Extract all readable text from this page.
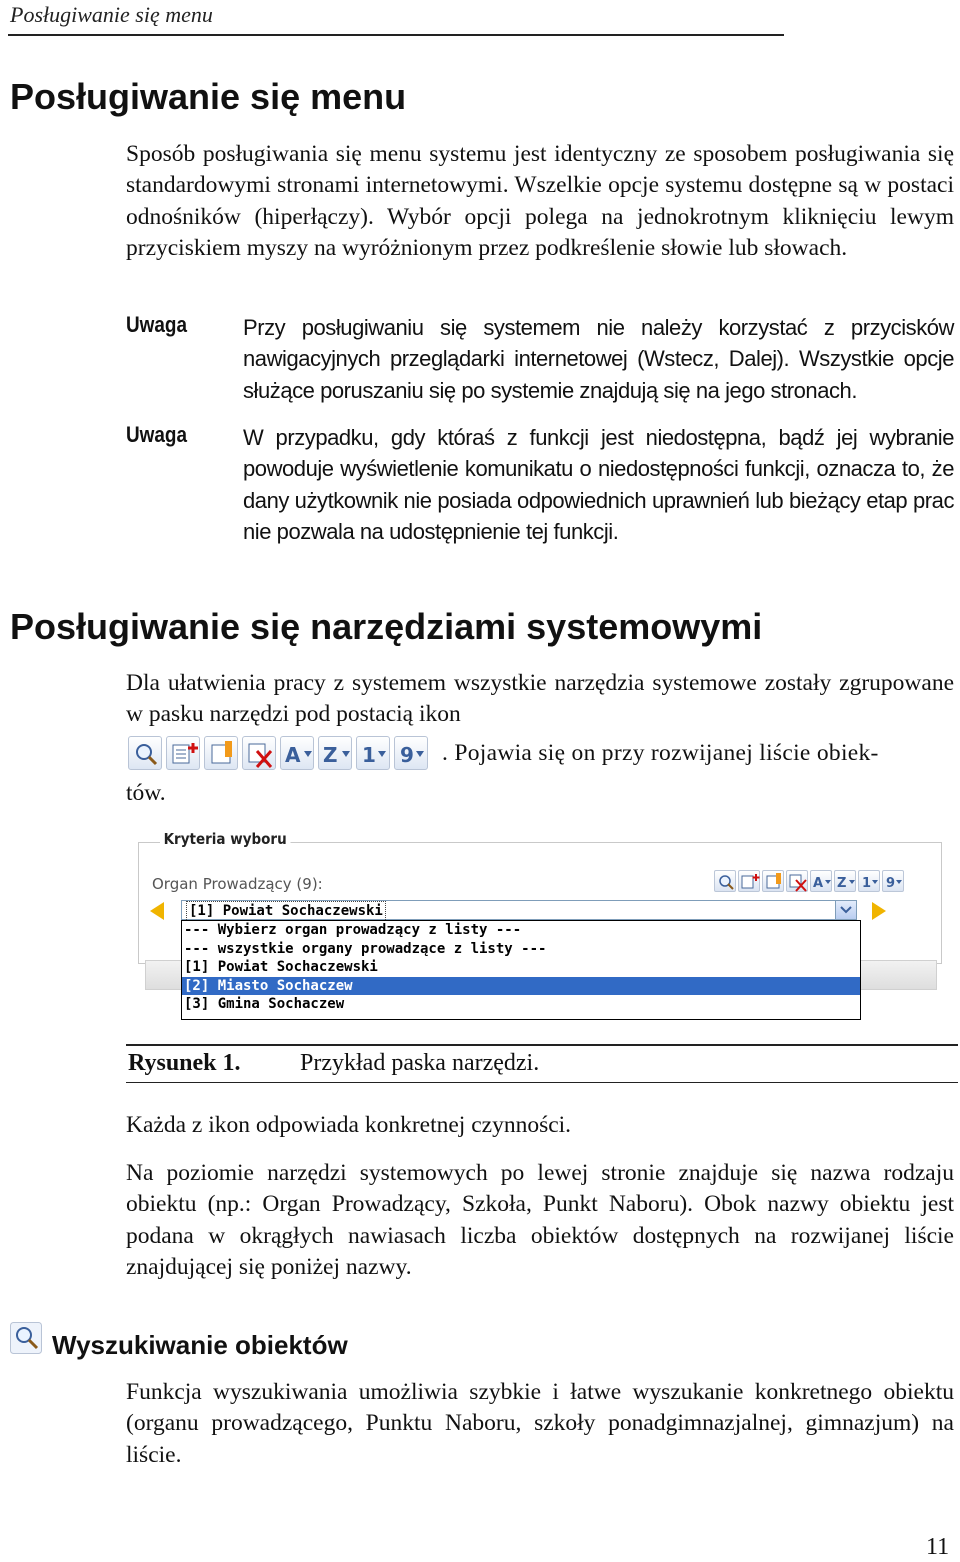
Posługiwanie się menu
Posługiwanie się menu
Sposób posługiwania się menu systemu jest identyczny ze sposobem posługiwania się standardowymi stronami internetowymi. Wszelkie opcje systemu dostępne są w postaci odnośników (hiperłączy). Wybór opcji polega na jednokrotnym kliknięciu lewym przyciskiem myszy na wyróżnionym przez podkreślenie słowie lub słowach.
Uwaga	Przy posługiwaniu się systemem nie należy korzystać z przycisków nawigacyjnych przeglądarki internetowej (Wstecz, Dalej). Wszystkie opcje służące poruszaniu się po systemie znajdują się na jego stronach.
Uwaga	W przypadku, gdy któraś z funkcji jest niedostępna, bądź jej wybranie powoduje wyświetlenie komunikatu o niedostępności funkcji, oznacza to, że dany użytkownik nie posiada odpowiednich uprawnień lub bieżący etap prac nie pozwala na udostępnienie tej funkcji.
Posługiwanie się narzędziami systemowymi
Dla ułatwienia pracy z systemem wszystkie narzędzia systemowe zostały zgrupowane w pasku narzędzi pod postacią ikon
A Z 1 9 . Pojawia się on przy rozwijanej liście obiek-
tów.
Kryteria wyboru
Organ Prowadzący (9):	A Z 1 9
[1] Powiat Sochaczewski
--- Wybierz organ prowadzący z listy ---
--- wszystkie organy prowadzące z listy ---
[1] Powiat Sochaczewski
[2] Miasto Sochaczew
[3] Gmina Sochaczew
Rysunek 1. Przykład paska narzędzi.
Każda z ikon odpowiada konkretnej czynności.
Na poziomie narzędzi systemowych po lewej stronie znajduje się nazwa rodzaju obiektu (np.: Organ Prowadzący, Szkoła, Punkt Naboru). Obok nazwy obiektu jest podana w okrągłych nawiasach liczba obiektów dostępnych na rozwijanej liście znajdującej się poniżej nazwy.
Wyszukiwanie obiektów
Funkcja wyszukiwania umożliwia szybkie i łatwe wyszukanie konkretnego obiektu (organu prowadzącego, Punktu Naboru, szkoły ponadgimnazjalnej, gimnazjum) na liście.
11
